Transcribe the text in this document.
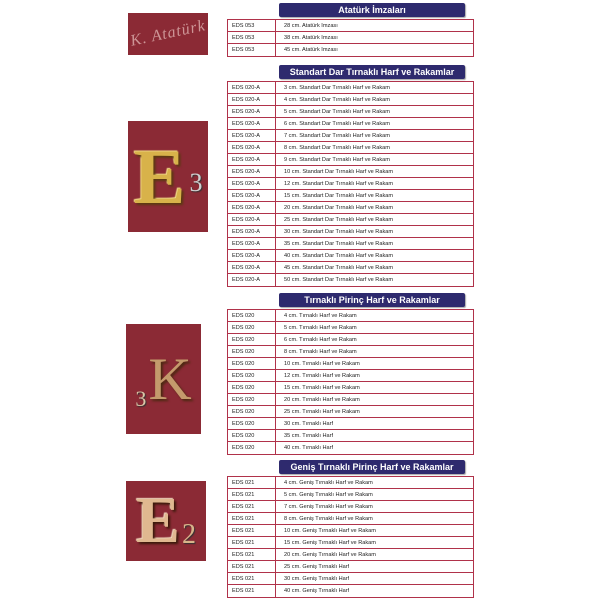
K. Atatürk
Atatürk İmzaları
EDS 053	28 cm. Atatürk İmzası
EDS 053	38 cm. Atatürk İmzası
EDS 053	45 cm. Atatürk İmzası
E 3
Standart Dar Tırnaklı Harf ve Rakamlar
EDS 020-A	3 cm. Standart Dar Tırnaklı Harf ve Rakam
EDS 020-A	4 cm. Standart Dar Tırnaklı Harf ve Rakam
EDS 020-A	5 cm. Standart Dar Tırnaklı Harf ve Rakam
EDS 020-A	6 cm. Standart Dar Tırnaklı Harf ve Rakam
EDS 020-A	7 cm. Standart Dar Tırnaklı Harf ve Rakam
EDS 020-A	8 cm. Standart Dar Tırnaklı Harf ve Rakam
EDS 020-A	9 cm. Standart Dar Tırnaklı Harf ve Rakam
EDS 020-A	10 cm. Standart Dar Tırnaklı Harf ve Rakam
EDS 020-A	12 cm. Standart Dar Tırnaklı Harf ve Rakam
EDS 020-A	15 cm. Standart Dar Tırnaklı Harf ve Rakam
EDS 020-A	20 cm. Standart Dar Tırnaklı Harf ve Rakam
EDS 020-A	25 cm. Standart Dar Tırnaklı Harf ve Rakam
EDS 020-A	30 cm. Standart Dar Tırnaklı Harf ve Rakam
EDS 020-A	35 cm. Standart Dar Tırnaklı Harf ve Rakam
EDS 020-A	40 cm. Standart Dar Tırnaklı Harf ve Rakam
EDS 020-A	45 cm. Standart Dar Tırnaklı Harf ve Rakam
EDS 020-A	50 cm. Standart Dar Tırnaklı Harf ve Rakam
3 K
Tırnaklı Pirinç Harf ve Rakamlar
EDS 020	4 cm. Tırnaklı Harf ve Rakam
EDS 020	5 cm. Tırnaklı Harf ve Rakam
EDS 020	6 cm. Tırnaklı Harf ve Rakam
EDS 020	8 cm. Tırnaklı Harf ve Rakam
EDS 020	10 cm. Tırnaklı Harf ve Rakam
EDS 020	12 cm. Tırnaklı Harf ve Rakam
EDS 020	15 cm. Tırnaklı Harf ve Rakam
EDS 020	20 cm. Tırnaklı Harf ve Rakam
EDS 020	25 cm. Tırnaklı Harf ve Rakam
EDS 020	30 cm. Tırnaklı Harf
EDS 020	35 cm. Tırnaklı Harf
EDS 020	40 cm. Tırnaklı Harf
E 2
Geniş Tırnaklı Pirinç Harf ve Rakamlar
EDS 021	4 cm. Geniş Tırnaklı Harf ve Rakam
EDS 021	5 cm. Geniş Tırnaklı Harf ve Rakam
EDS 021	7 cm. Geniş Tırnaklı Harf ve Rakam
EDS 021	8 cm. Geniş Tırnaklı Harf ve Rakam
EDS 021	10 cm. Geniş Tırnaklı Harf ve Rakam
EDS 021	15 cm. Geniş Tırnaklı Harf ve Rakam
EDS 021	20 cm. Geniş Tırnaklı Harf ve Rakam
EDS 021	25 cm. Geniş Tırnaklı Harf
EDS 021	30 cm. Geniş Tırnaklı Harf
EDS 021	40 cm. Geniş Tırnaklı Harf
